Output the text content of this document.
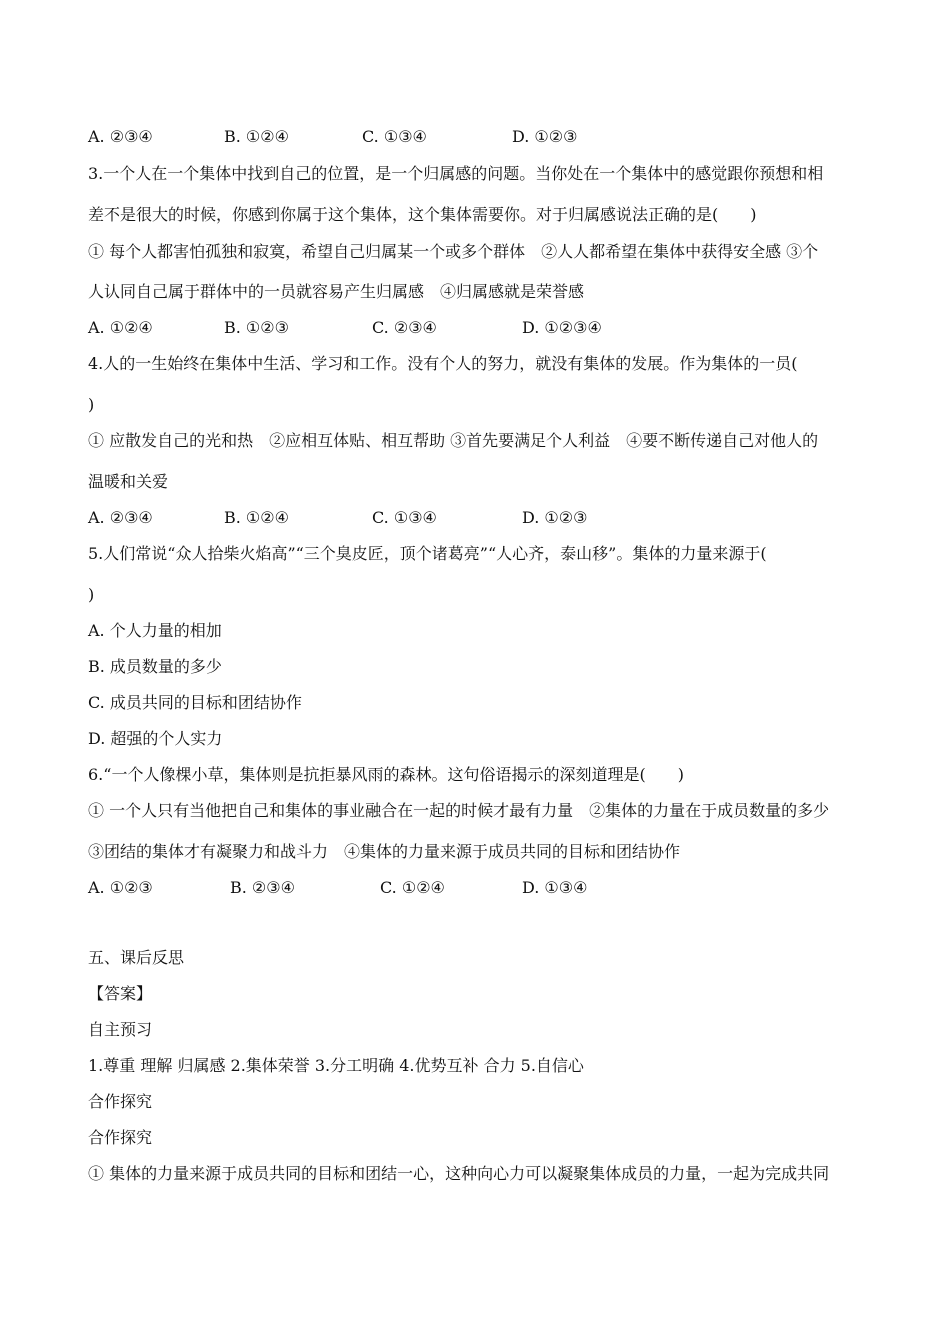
A. ②③④	B. ①②④	C. ①③④	D. ①②③
3.一个人在一个集体中找到自己的位置，是一个归属感的问题。当你处在一个集体中的感觉跟你预想和相
差不是很大的时候，你感到你属于这个集体，这个集体需要你。对于归属感说法正确的是(　　)
① 每个人都害怕孤独和寂寞，希望自己归属某一个或多个群体　②人人都希望在集体中获得安全感 ③个
人认同自己属于群体中的一员就容易产生归属感　④归属感就是荣誉感
A. ①②④	B. ①②③	C. ②③④	D. ①②③④
4.人的一生始终在集体中生活、学习和工作。没有个人的努力，就没有集体的发展。作为集体的一员(
)
① 应散发自己的光和热　②应相互体贴、相互帮助 ③首先要满足个人利益　④要不断传递自己对他人的
温暖和关爱
A. ②③④	B. ①②④	C. ①③④	D. ①②③
5.人们常说“众人拾柴火焰高”“三个臭皮匠，顶个诸葛亮”“人心齐，泰山移”。集体的力量来源于(
)
A. 个人力量的相加
B. 成员数量的多少
C. 成员共同的目标和团结协作
D. 超强的个人实力
6.“一个人像棵小草，集体则是抗拒暴风雨的森林。这句俗语揭示的深刻道理是(　　)
① 一个人只有当他把自己和集体的事业融合在一起的时候才最有力量　②集体的力量在于成员数量的多少
③团结的集体才有凝聚力和战斗力　④集体的力量来源于成员共同的目标和团结协作
A. ①②③	B. ②③④	C. ①②④	D. ①③④
五、课后反思
【答案】
自主预习
1.尊重 理解 归属感 2.集体荣誉 3.分工明确 4.优势互补 合力 5.自信心
合作探究
合作探究
① 集体的力量来源于成员共同的目标和团结一心，这种向心力可以凝聚集体成员的力量，一起为完成共同
